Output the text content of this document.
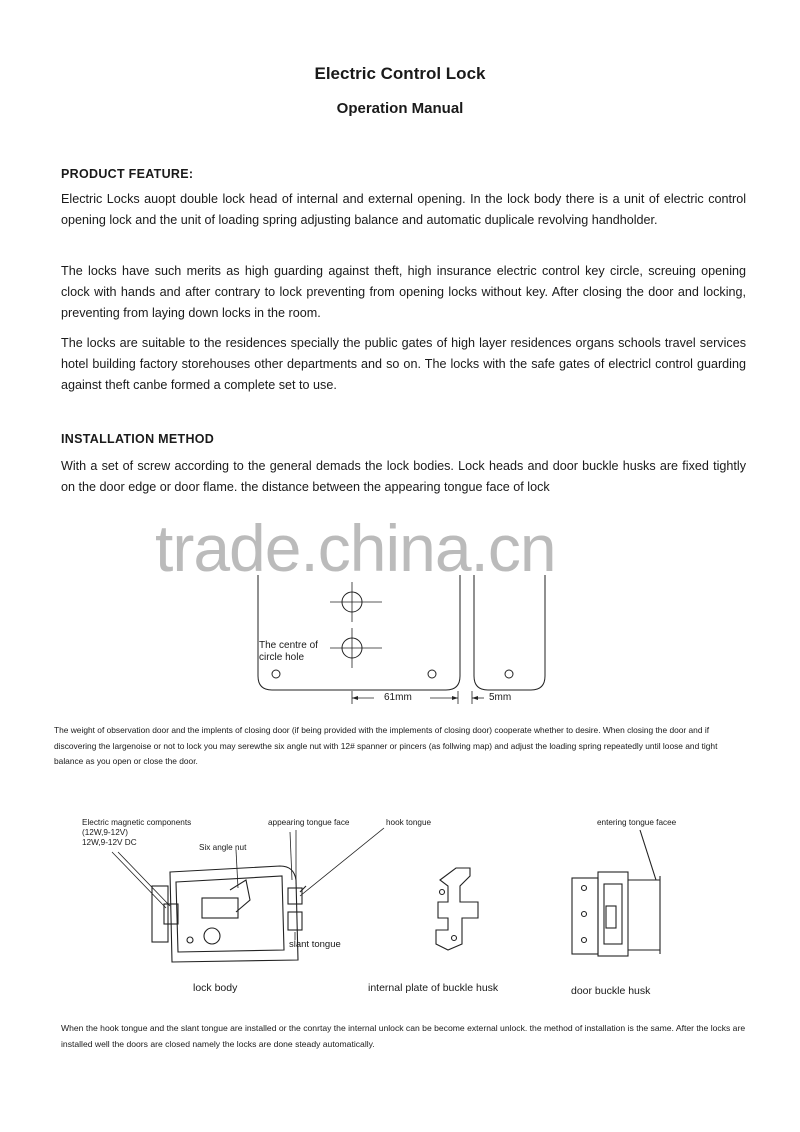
Electric Control Lock
Operation Manual
PRODUCT FEATURE:
Electric Locks auopt double lock head of internal and external opening. In the lock body there is a unit of electric control opening lock and the unit of loading spring adjusting balance and automatic duplicale revolving handholder.
The locks have such merits as high guarding against theft, high insurance electric control key circle, screuing opening clock with hands and after contrary to lock preventing from opening locks without key. After closing the door and locking, preventing from laying down locks in the room.
The locks are suitable to the residences specially the public gates of high layer residences organs schools travel services hotel building factory storehouses other departments and so on. The locks with the safe gates of electricl control guarding against theft canbe formed a complete set to use.
INSTALLATION METHOD
With a set of screw according to the general demads the lock bodies. Lock heads and door buckle husks are fixed tightly on the door edge or door flame. the distance between the appearing tongue face of lock
The centre of
circle hole
61mm	5mm
trade.china.cn
The weight of observation door and the implents of closing door (if being provided with the implements of closing door) cooperate whether to desire. When closing the door and if discovering the largenoise or not to lock you may serewthe six angle nut with 12# spanner or pincers (as follwing map) and adjust the loading spring repeatedly until loose and tight balance as you open or close the door.
Electric magnetic components
(12W,9-12V)
12W,9-12V DC
Six angle nut
appearing tongue face	hook tongue
slant tongue
entering tongue facee
lock body	internal plate of buckle husk	door buckle husk
When the hook tongue and the slant tongue are installed or the conrtay the internal unlock can be become external unlock. the method of installation is the same. After the locks are installed well the doors are closed namely the locks are done steady automatically.
